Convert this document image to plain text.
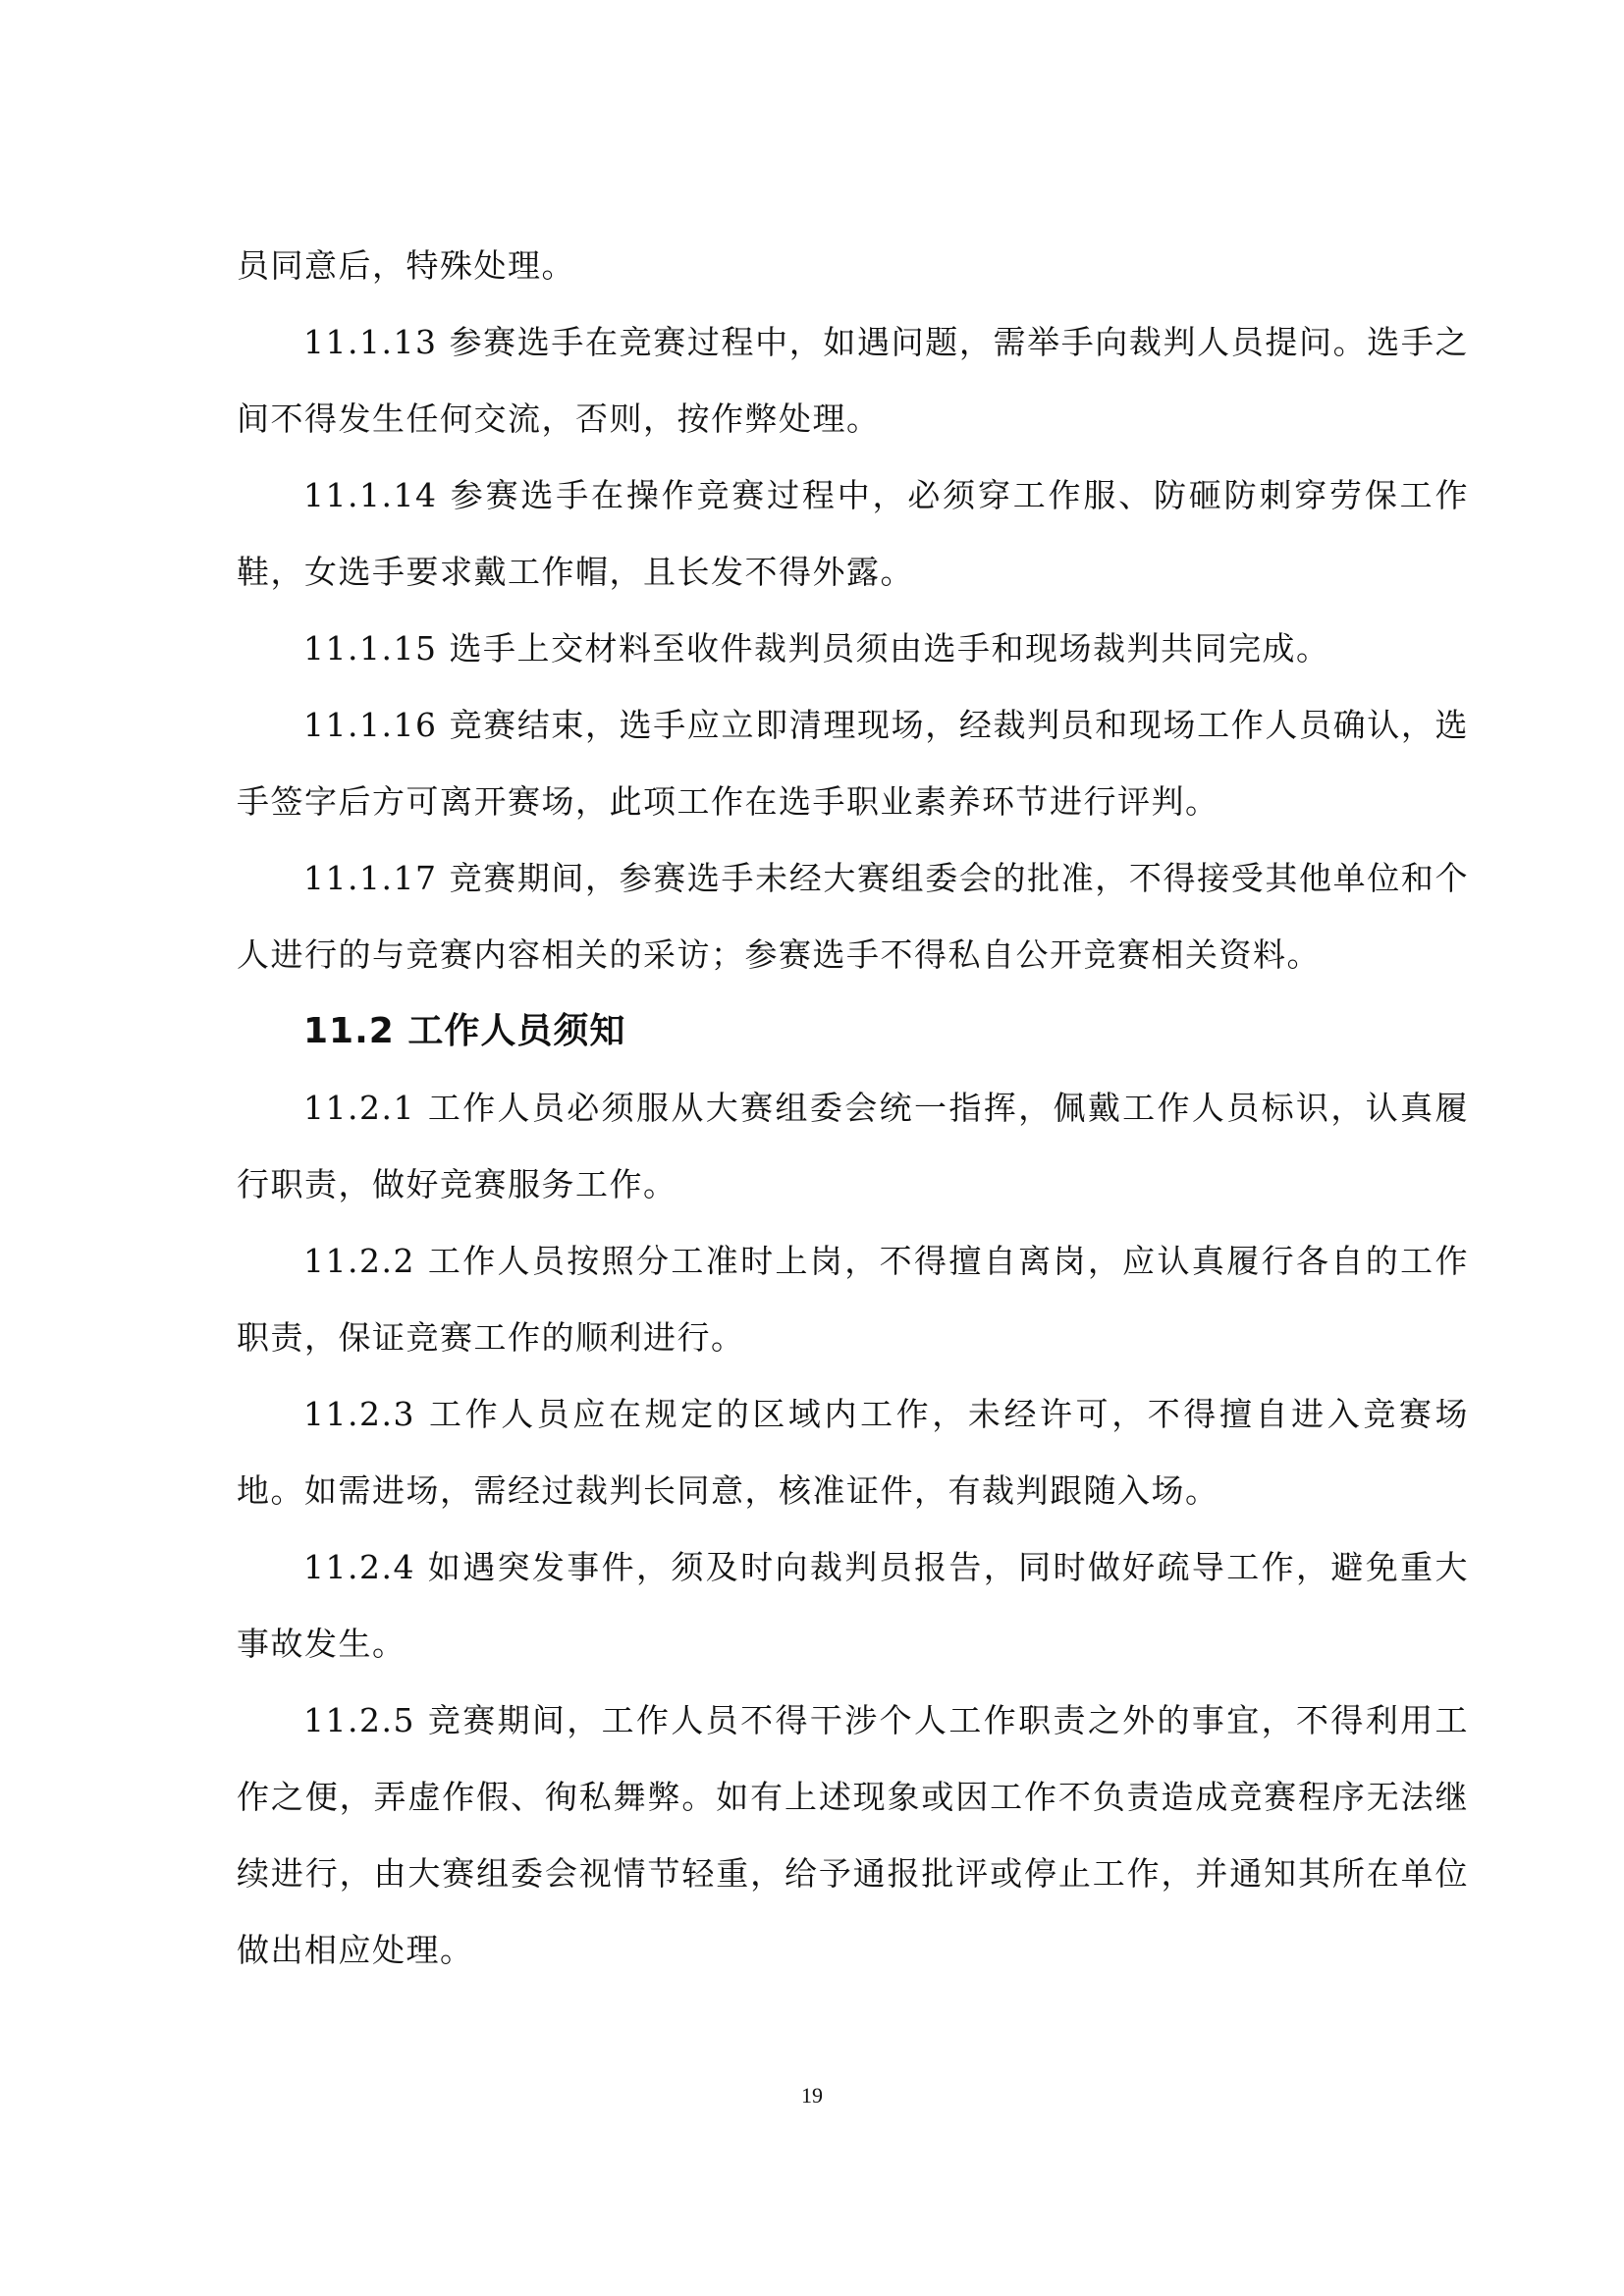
员同意后，特殊处理。

11.1.13 参赛选手在竞赛过程中，如遇问题，需举手向裁判人员提问。选手之间不得发生任何交流，否则，按作弊处理。

11.1.14 参赛选手在操作竞赛过程中，必须穿工作服、防砸防刺穿劳保工作鞋，女选手要求戴工作帽，且长发不得外露。

11.1.15 选手上交材料至收件裁判员须由选手和现场裁判共同完成。

11.1.16 竞赛结束，选手应立即清理现场，经裁判员和现场工作人员确认，选手签字后方可离开赛场，此项工作在选手职业素养环节进行评判。

11.1.17 竞赛期间，参赛选手未经大赛组委会的批准，不得接受其他单位和个人进行的与竞赛内容相关的采访；参赛选手不得私自公开竞赛相关资料。

11.2 工作人员须知

11.2.1 工作人员必须服从大赛组委会统一指挥，佩戴工作人员标识，认真履行职责，做好竞赛服务工作。

11.2.2 工作人员按照分工准时上岗，不得擅自离岗，应认真履行各自的工作职责，保证竞赛工作的顺利进行。

11.2.3 工作人员应在规定的区域内工作，未经许可，不得擅自进入竞赛场地。如需进场，需经过裁判长同意，核准证件，有裁判跟随入场。

11.2.4 如遇突发事件，须及时向裁判员报告，同时做好疏导工作，避免重大事故发生。

11.2.5 竞赛期间，工作人员不得干涉个人工作职责之外的事宜，不得利用工作之便，弄虚作假、徇私舞弊。如有上述现象或因工作不负责造成竞赛程序无法继续进行，由大赛组委会视情节轻重，给予通报批评或停止工作，并通知其所在单位做出相应处理。

19
